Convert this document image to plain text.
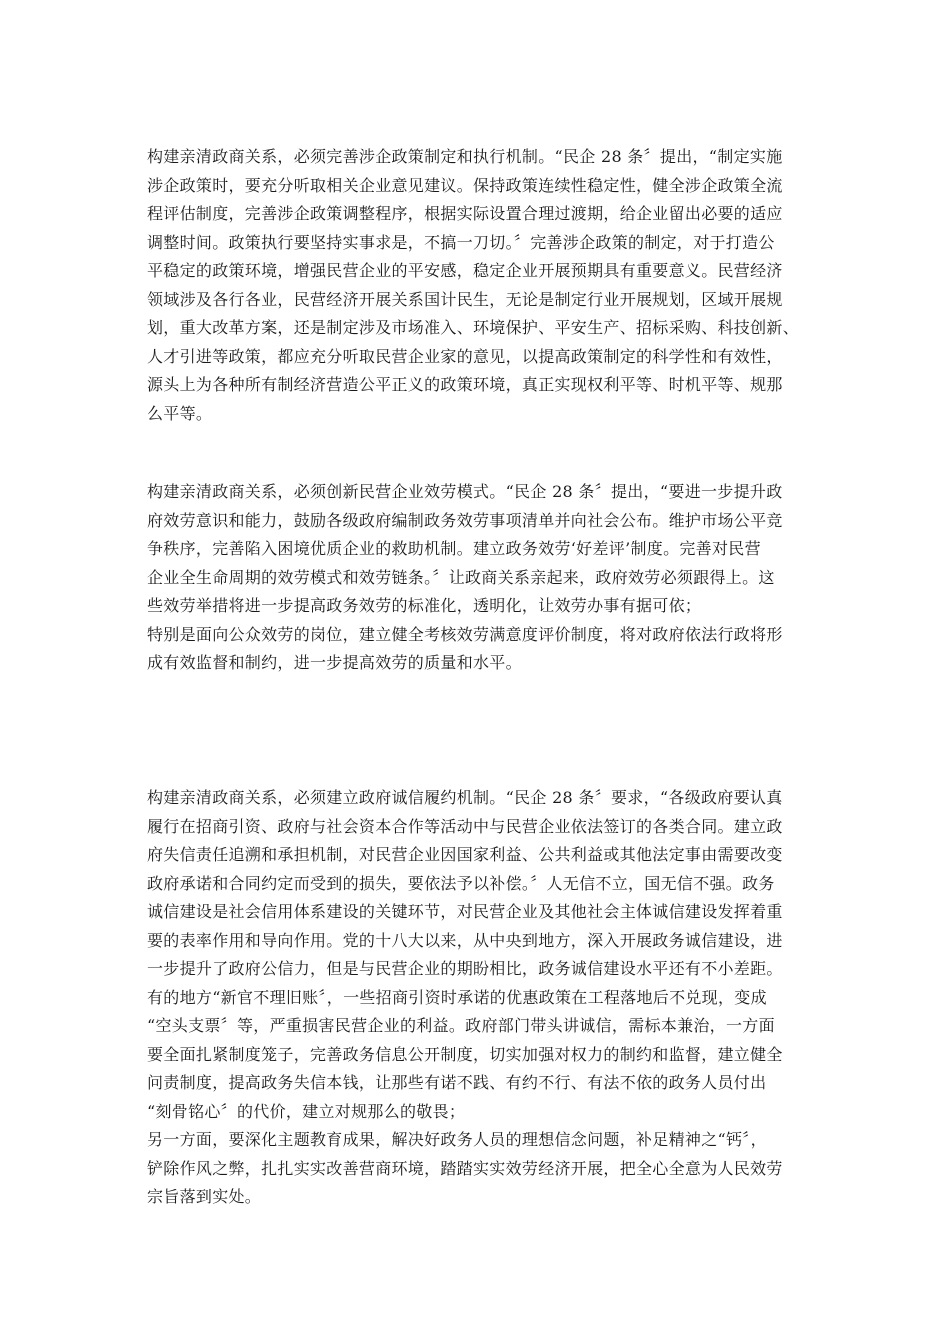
构建亲清政商关系，必须完善涉企政策制定和执行机制。“民企 28 条〞提出，“制定实施
涉企政策时，要充分听取相关企业意见建议。保持政策连续性稳定性，健全涉企政策全流
程评估制度，完善涉企政策调整程序，根据实际设置合理过渡期，给企业留出必要的适应
调整时间。政策执行要坚持实事求是，不搞一刀切。〞完善涉企政策的制定，对于打造公
平稳定的政策环境，增强民营企业的平安感，稳定企业开展预期具有重要意义。民营经济
领域涉及各行各业，民营经济开展关系国计民生，无论是制定行业开展规划，区域开展规
划，重大改革方案，还是制定涉及市场准入、环境保护、平安生产、招标采购、科技创新、
人才引进等政策，都应充分听取民营企业家的意见，以提高政策制定的科学性和有效性，
源头上为各种所有制经济营造公平正义的政策环境，真正实现权利平等、时机平等、规那
么平等。
构建亲清政商关系，必须创新民营企业效劳模式。“民企 28 条〞提出，“要进一步提升政
府效劳意识和能力，鼓励各级政府编制政务效劳事项清单并向社会公布。维护市场公平竞
争秩序，完善陷入困境优质企业的救助机制。建立政务效劳‘好差评’制度。完善对民营
企业全生命周期的效劳模式和效劳链条。〞让政商关系亲起来，政府效劳必须跟得上。这
些效劳举措将进一步提高政务效劳的标准化，透明化，让效劳办事有据可依；
特别是面向公众效劳的岗位，建立健全考核效劳满意度评价制度，将对政府依法行政将形
成有效监督和制约，进一步提高效劳的质量和水平。
构建亲清政商关系，必须建立政府诚信履约机制。“民企 28 条〞要求，“各级政府要认真
履行在招商引资、政府与社会资本合作等活动中与民营企业依法签订的各类合同。建立政
府失信责任追溯和承担机制，对民营企业因国家利益、公共利益或其他法定事由需要改变
政府承诺和合同约定而受到的损失，要依法予以补偿。〞人无信不立，国无信不强。政务
诚信建设是社会信用体系建设的关键环节，对民营企业及其他社会主体诚信建设发挥着重
要的表率作用和导向作用。党的十八大以来，从中央到地方，深入开展政务诚信建设，进
一步提升了政府公信力，但是与民营企业的期盼相比，政务诚信建设水平还有不小差距。
有的地方“新官不理旧账〞，一些招商引资时承诺的优惠政策在工程落地后不兑现，变成
“空头支票〞等，严重损害民营企业的利益。政府部门带头讲诚信，需标本兼治，一方面
要全面扎紧制度笼子，完善政务信息公开制度，切实加强对权力的制约和监督，建立健全
问责制度，提高政务失信本钱，让那些有诺不践、有约不行、有法不依的政务人员付出
“刻骨铭心〞的代价，建立对规那么的敬畏；
另一方面，要深化主题教育成果，解决好政务人员的理想信念问题，补足精神之“钙〞，
铲除作风之弊，扎扎实实改善营商环境，踏踏实实效劳经济开展，把全心全意为人民效劳
宗旨落到实处。
